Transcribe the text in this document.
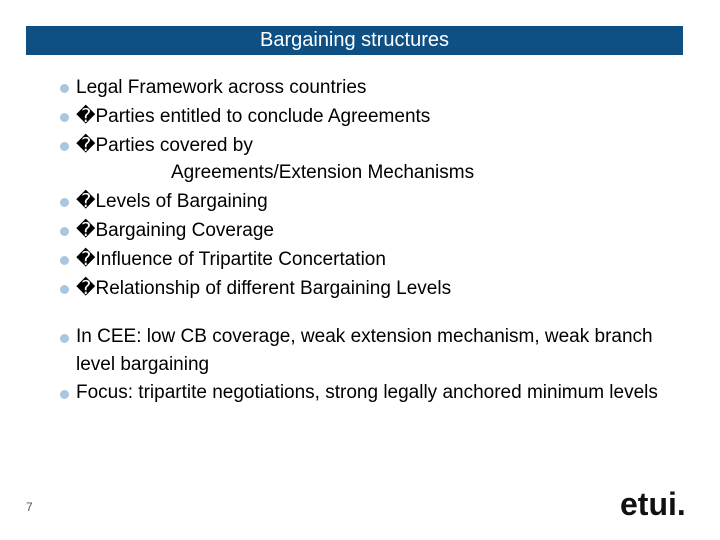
Bargaining structures
Legal Framework across countries
�Parties entitled to conclude Agreements
�Parties covered by
Agreements/Extension Mechanisms
�Levels of Bargaining
�Bargaining Coverage
�Influence of Tripartite Concertation
�Relationship of different Bargaining Levels
In CEE: low CB coverage, weak extension mechanism, weak branch level bargaining
Focus: tripartite negotiations, strong legally anchored minimum levels
7	etui.
